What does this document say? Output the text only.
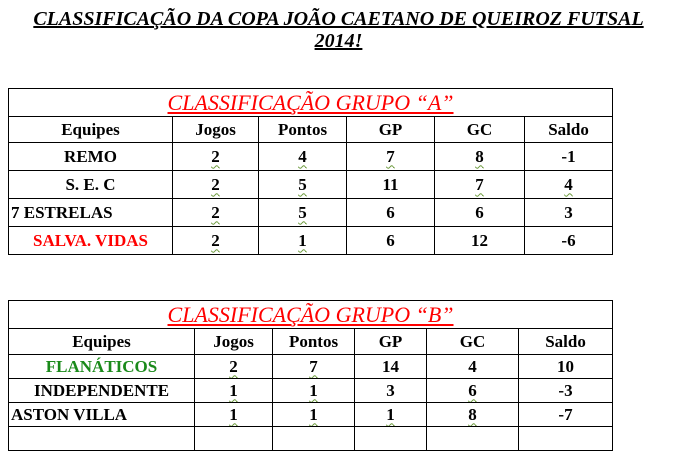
CLASSIFICAÇÃO DA COPA JOÃO CAETANO DE QUEIROZ FUTSAL
2014!
CLASSIFICAÇÃO GRUPO “A”					
Equipes	Jogos	Pontos	GP	GC	Saldo
REMO	2	4	7	8	-1
S. E. C	2	5	11	7	4
7 ESTRELAS	2	5	6	6	3
SALVA. VIDAS	2	1	6	12	-6
CLASSIFICAÇÃO GRUPO “B”					
Equipes	Jogos	Pontos	GP	GC	Saldo
FLANÁTICOS	2	7	14	4	10
INDEPENDENTE	1	1	3	6	-3
ASTON VILLA	1	1	1	8	-7
